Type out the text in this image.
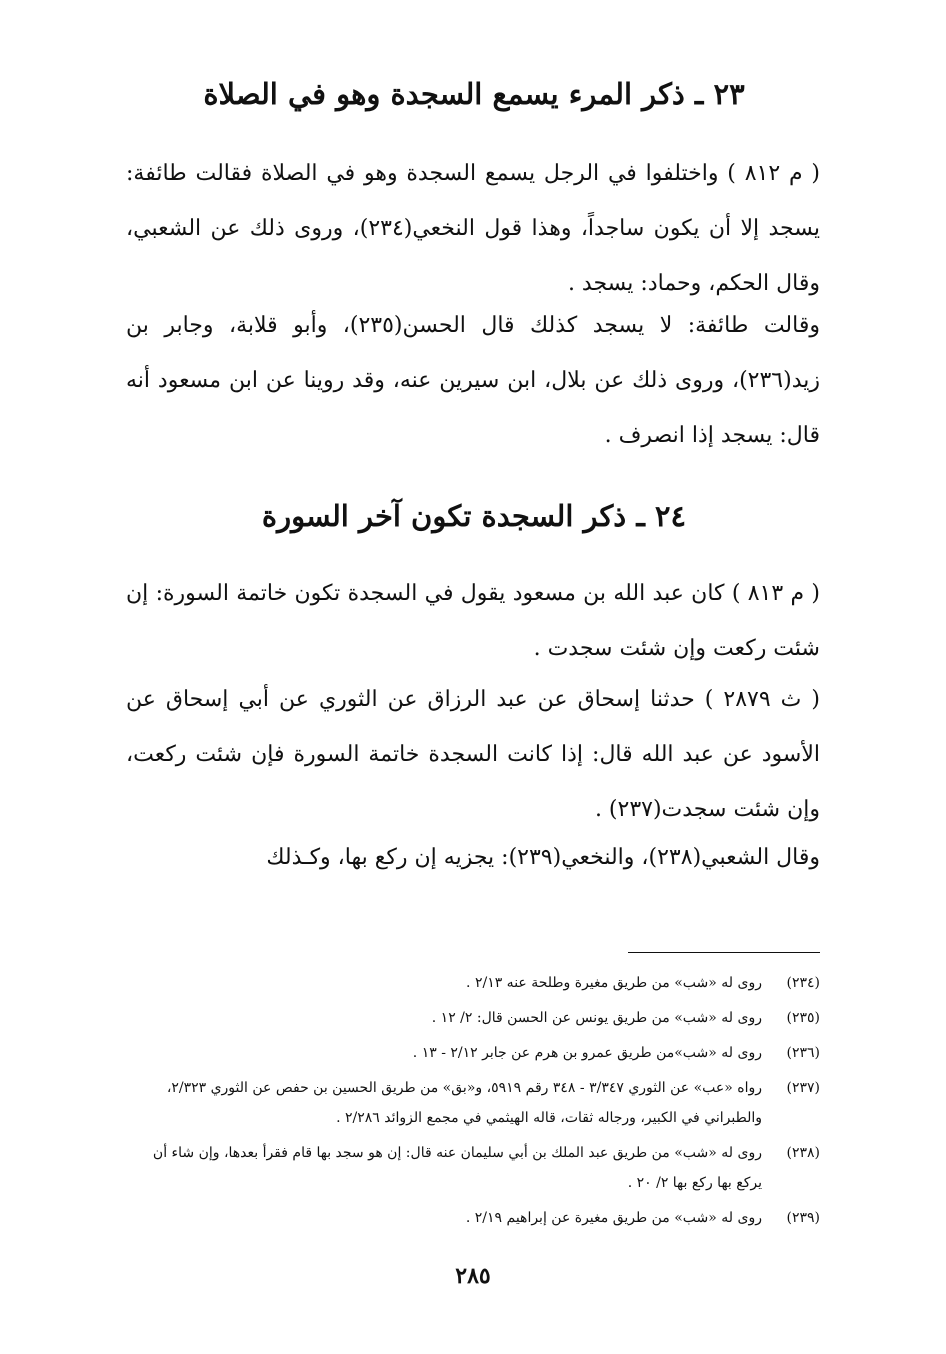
٢٣ ـ ذكر المرء يسمع السجدة وهو في الصلاة
( م ٨١٢ ) واختلفوا في الرجل يسمع السجدة وهو في الصلاة فقالت طائفة: يسجد إلا أن يكون ساجداً، وهذا قول النخعي(٢٣٤)، وروى ذلك عن الشعبي، وقال الحكم، وحماد: يسجد .
وقالت طائفة: لا يسجد كذلك قال الحسن(٢٣٥)، وأبو قلابة، وجابر بن زيد(٢٣٦)، وروى ذلك عن بلال، ابن سيرين عنه، وقد روينا عن ابن مسعود أنه قال: يسجد إذا انصرف .
٢٤ ـ ذكر السجدة تكون آخر السورة
( م ٨١٣ ) كان عبد الله بن مسعود يقول في السجدة تكون خاتمة السورة: إن شئت ركعت وإن شئت سجدت .
( ث ٢٨٧٩ ) حدثنا إسحاق عن عبد الرزاق عن الثوري عن أبي إسحاق عن الأسود عن عبد الله قال: إذا كانت السجدة خاتمة السورة فإن شئت ركعت، وإن شئت سجدت(٢٣٧) .
وقال الشعبي(٢٣٨)، والنخعي(٢٣٩): يجزيه إن ركع بها، وكـذلك
(٢٣٤)
روى له «شب» من طريق مغيرة وطلحة عنه ٢/١٣ .
(٢٣٥)
روى له «شب» من طريق يونس عن الحسن قال: ٢/ ١٢ .
(٢٣٦)
روى له «شب»من طريق عمرو بن هرم عن جابر ٢/١٢ - ١٣ .
(٢٣٧)
رواه «عب» عن الثوري ٣/٣٤٧ - ٣٤٨ رقم ٥٩١٩، و«بق» من طريق الحسين بن حفص عن الثوري ٢/٣٢٣، والطبراني في الكبير، ورجاله ثقات، قاله الهيثمي في مجمع الزوائد ٢/٢٨٦ .
(٢٣٨)
روى له «شب» من طريق عبد الملك بن أبي سليمان عنه قال: إن هو سجد بها قام فقرأ بعدها، وإن شاء أن يركع بها ركع بها ٢/ ٢٠ .
(٢٣٩)
روى له «شب» من طريق مغيرة عن إبراهيم ٢/١٩ .
٢٨٥
